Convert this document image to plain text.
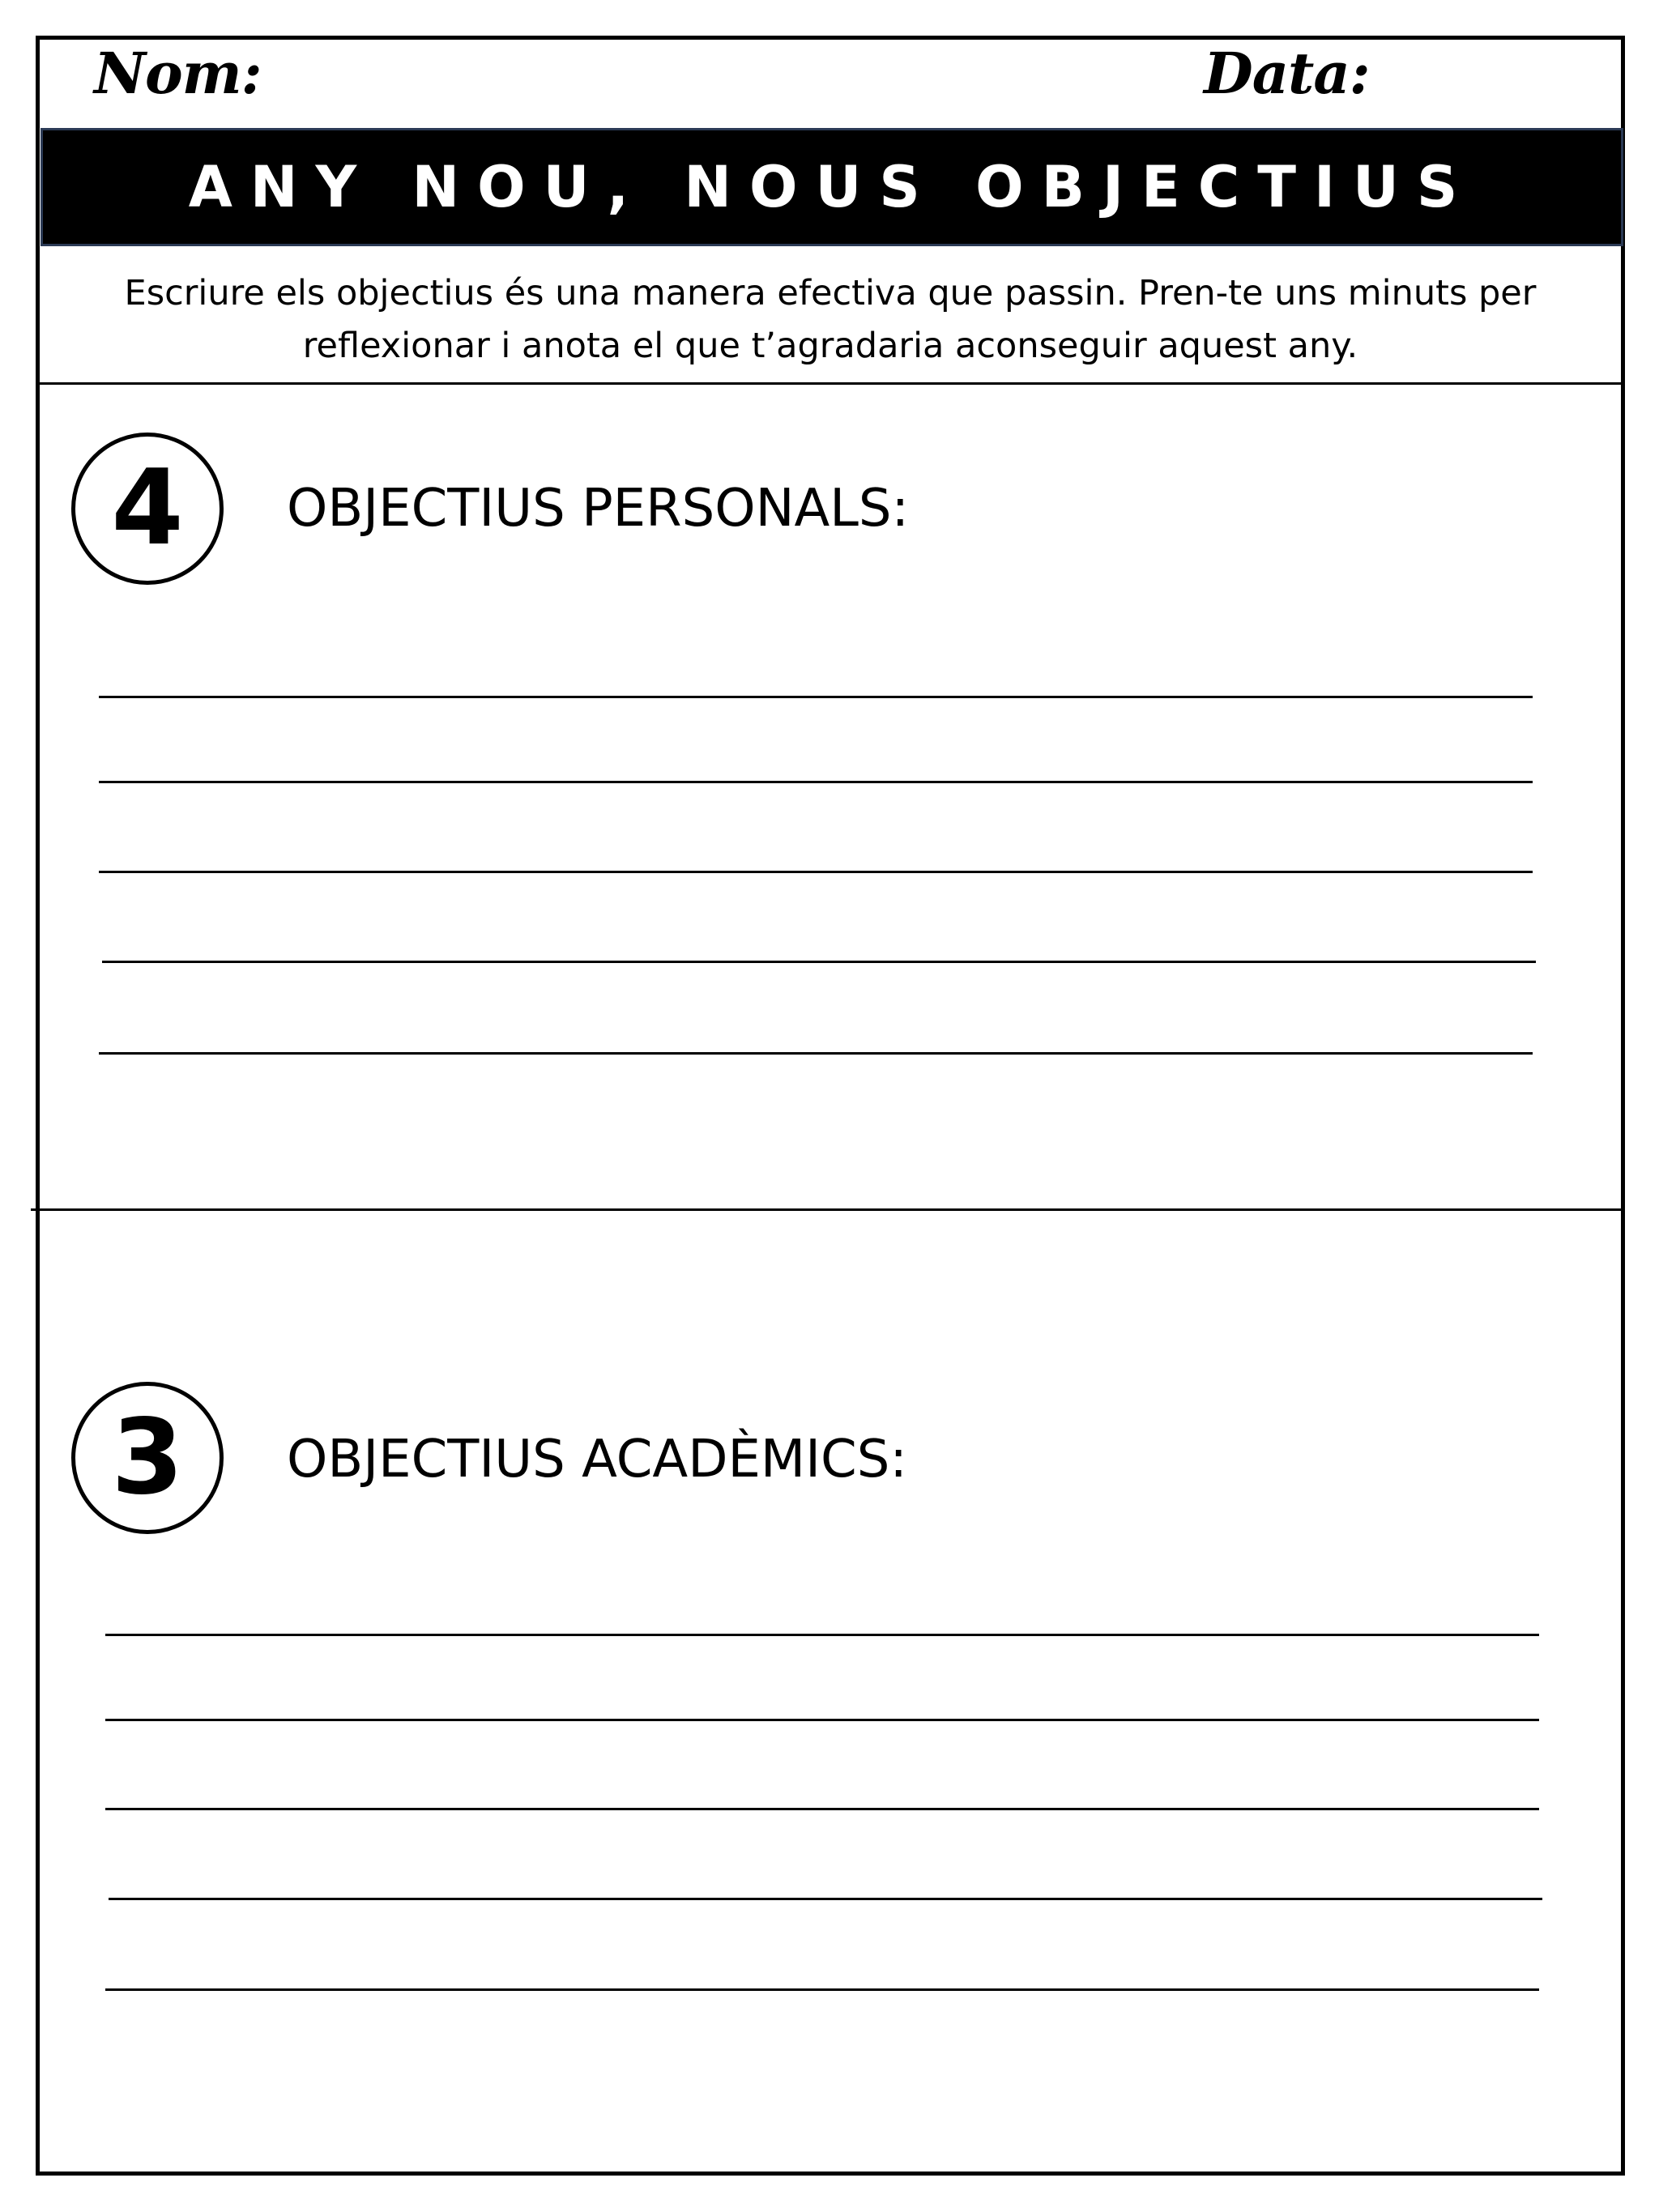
Nom:	Data:
ANY NOU, NOUS OBJECTIUS
Escriure els objectius és una manera efectiva que passin. Pren-te uns minuts per
reflexionar i anota el que t’agradaria aconseguir aquest any.
4	OBJECTIUS PERSONALS:
3	OBJECTIUS ACADÈMICS:
